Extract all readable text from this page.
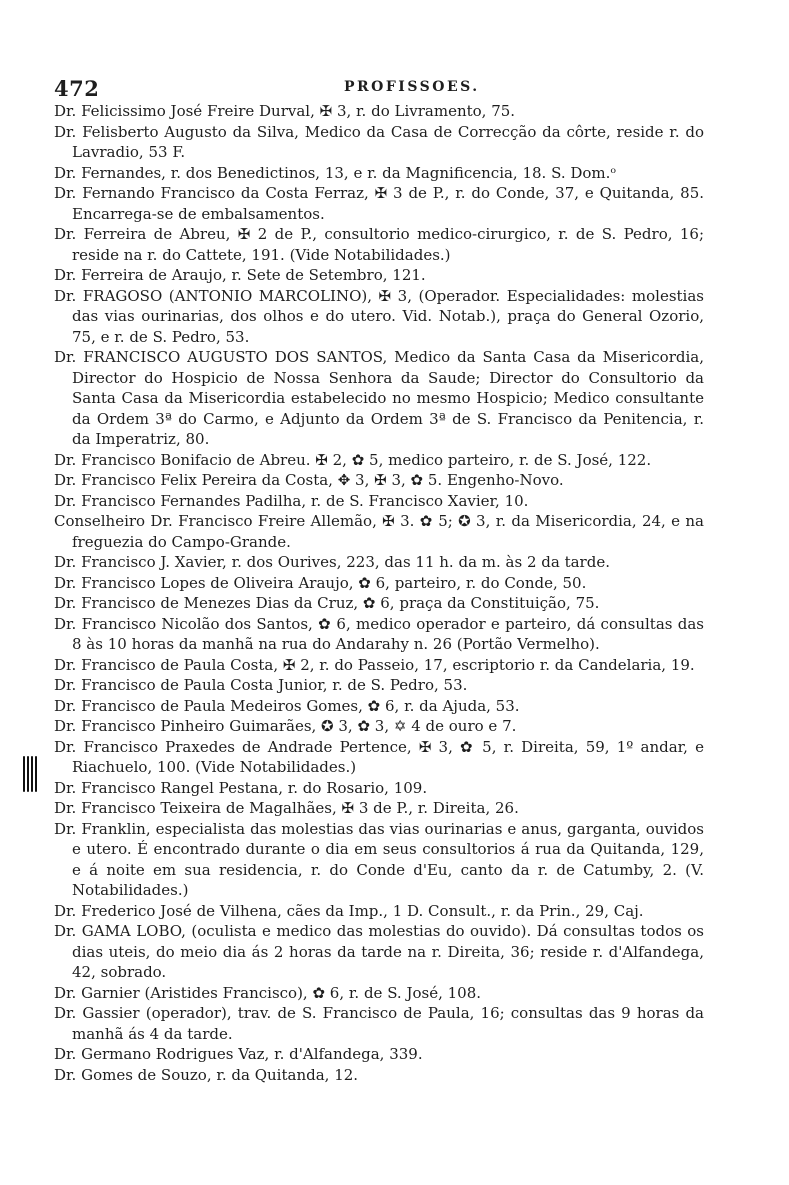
472	PROFISSOES.

Dr. Felicissimo José Freire Durval, ✠ 3, r. do Livramento, 75.

Dr. Felisberto Augusto da Silva, Medico da Casa de Correcção da côrte, reside r. do Lavradio, 53 F.

Dr. Fernandes, r. dos Benedictinos, 13, e r. da Magnificencia, 18. S. Dom.ᵒ

Dr. Fernando Francisco da Costa Ferraz, ✠ 3 de P., r. do Conde, 37, e Quitanda, 85. Encarrega-se de embalsamentos.

Dr. Ferreira de Abreu, ✠ 2 de P., consultorio medico-cirurgico, r. de S. Pedro, 16; reside na r. do Cattete, 191. (Vide Notabilidades.)

Dr. Ferreira de Araujo, r. Sete de Setembro, 121.

Dr. FRAGOSO (ANTONIO MARCOLINO), ✠ 3, (Operador. Especialidades: molestias das vias ourinarias, dos olhos e do utero. Vid. Notab.), praça do General Ozorio, 75, e r. de S. Pedro, 53.

Dr. FRANCISCO AUGUSTO DOS SANTOS, Medico da Santa Casa da Misericordia, Director do Hospicio de Nossa Senhora da Saude; Director do Consultorio da Santa Casa da Misericordia estabelecido no mesmo Hospicio; Medico consultante da Ordem 3ª do Carmo, e Adjunto da Ordem 3ª de S. Francisco da Penitencia, r. da Imperatriz, 80.

Dr. Francisco Bonifacio de Abreu. ✠ 2, ✿ 5, medico parteiro, r. de S. José, 122.

Dr. Francisco Felix Pereira da Costa, ✥ 3, ✠ 3, ✿ 5. Engenho-Novo.

Dr. Francisco Fernandes Padilha, r. de S. Francisco Xavier, 10.

Conselheiro Dr. Francisco Freire Allemão, ✠ 3. ✿ 5; ✪ 3, r. da Misericordia, 24, e na freguezia do Campo-Grande.

Dr. Francisco J. Xavier, r. dos Ourives, 223, das 11 h. da m. às 2 da tarde.

Dr. Francisco Lopes de Oliveira Araujo, ✿ 6, parteiro, r. do Conde, 50.

Dr. Francisco de Menezes Dias da Cruz, ✿ 6, praça da Constituição, 75.

Dr. Francisco Nicolão dos Santos, ✿ 6, medico operador e parteiro, dá consultas das 8 às 10 horas da manhã na rua do Andarahy n. 26 (Portão Vermelho).

Dr. Francisco de Paula Costa, ✠ 2, r. do Passeio, 17, escriptorio r. da Candelaria, 19.

Dr. Francisco de Paula Costa Junior, r. de S. Pedro, 53.

Dr. Francisco de Paula Medeiros Gomes, ✿ 6, r. da Ajuda, 53.

Dr. Francisco Pinheiro Guimarães, ✪ 3, ✿ 3, ✡ 4 de ouro e 7.

Dr. Francisco Praxedes de Andrade Pertence, ✠ 3, ✿ 5, r. Direita, 59, 1º andar, e Riachuelo, 100. (Vide Notabilidades.)

Dr. Francisco Rangel Pestana, r. do Rosario, 109.

Dr. Francisco Teixeira de Magalhães, ✠ 3 de P., r. Direita, 26.

Dr. Franklin, especialista das molestias das vias ourinarias e anus, garganta, ouvidos e utero. É encontrado durante o dia em seus consultorios á rua da Quitanda, 129, e á noite em sua residencia, r. do Conde d'Eu, canto da r. de Catumby, 2. (V. Notabilidades.)

Dr. Frederico José de Vilhena, cães da Imp., 1 D. Consult., r. da Prin., 29, Caj.

Dr. GAMA LOBO, (oculista e medico das molestias do ouvido). Dá consultas todos os dias uteis, do meio dia ás 2 horas da tarde na r. Direita, 36; reside r. d'Alfandega, 42, sobrado.

Dr. Garnier (Aristides Francisco), ✿ 6, r. de S. José, 108.

Dr. Gassier (operador), trav. de S. Francisco de Paula, 16; consultas das 9 horas da manhã ás 4 da tarde.

Dr. Germano Rodrigues Vaz, r. d'Alfandega, 339.

Dr. Gomes de Souzo, r. da Quitanda, 12.
